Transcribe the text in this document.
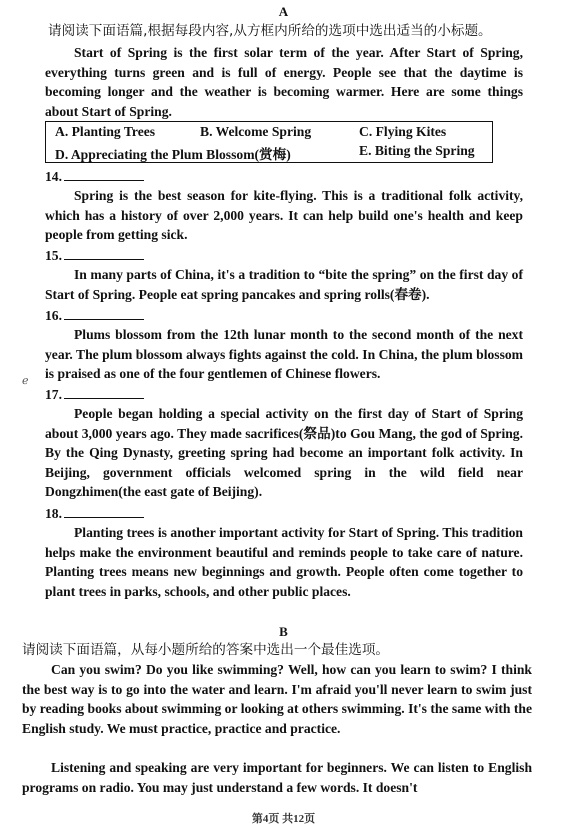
A
请阅读下面语篇,根据每段内容,从方框内所给的选项中选出适当的小标题。
Start of Spring is the first solar term of the year. After Start of Spring, everything turns green and is full of energy. People see that the daytime is becoming longer and the weather is becoming warmer. Here are some things about Start of Spring.
A. Planting Trees	B. Welcome Spring	C. Flying Kites
D. Appreciating the Plum Blossom(赏梅)	E. Biting the Spring
14.
Spring is the best season for kite-flying. This is a traditional folk activity, which has a history of over 2,000 years. It can help build one's health and keep people from getting sick.
15.
In many parts of China, it's a tradition to “bite the spring” on the first day of Start of Spring. People eat spring pancakes and spring rolls(春卷).
16.
Plums blossom from the 12th lunar month to the second month of the next year. The plum blossom always fights against the cold. In China, the plum blossom is praised as one of the four gentlemen of Chinese flowers.
ℯ
17.
People began holding a special activity on the first day of Start of Spring about 3,000 years ago. They made sacrifices(祭品)to Gou Mang, the god of Spring. By the Qing Dynasty, greeting spring had become an important folk activity. In Beijing, government officials welcomed spring in the wild field near Dongzhimen(the east gate of Beijing).
18.
Planting trees is another important activity for Start of Spring. This tradition helps make the environment beautiful and reminds people to take care of nature. Planting trees means new beginnings and growth. People often come together to plant trees in parks, schools, and other public places.
B
请阅读下面语篇，从每小题所给的答案中选出一个最佳选项。
Can you swim? Do you like swimming? Well, how can you learn to swim? I think the best way is to go into the water and learn. I'm afraid you'll never learn to swim just by reading books about swimming or looking at others swimming. It's the same with the English study. We must practice, practice and practice.
Listening and speaking are very important for beginners. We can listen to English programs on radio. You may just understand a few words. It doesn't
第4页 共12页
